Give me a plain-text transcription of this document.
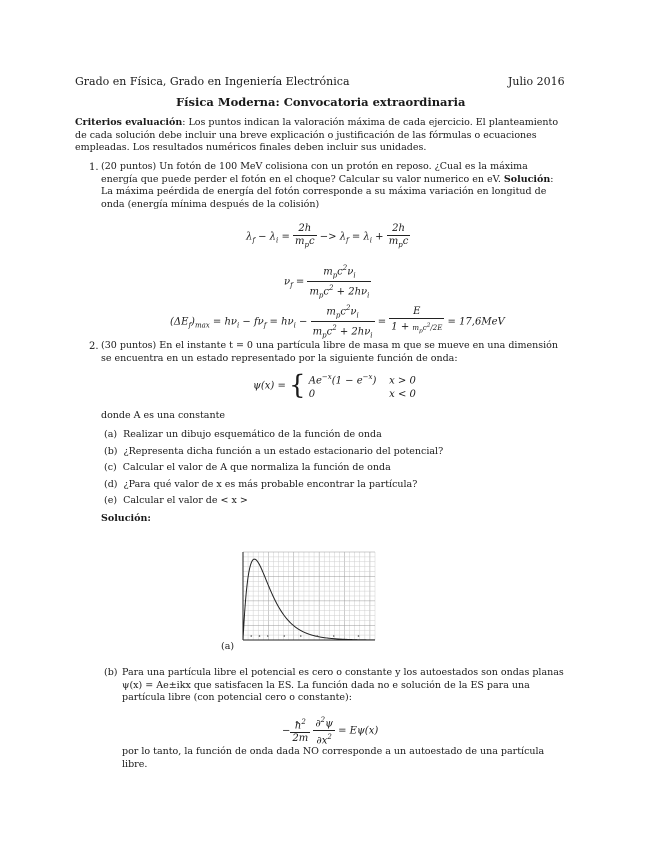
Grado en Física, Grado en Ingeniería Electrónica	Julio 2016
Física Moderna: Convocatoria extraordinaria
Criterios evaluación: Los puntos indican la valoración máxima de cada ejercicio. El planteamiento de cada solución debe incluir una breve explicación o justificación de las fórmulas o ecuaciones empleadas. Los resultados numéricos finales deben incluir sus unidades.
1. (20 puntos) Un fotón de 100 MeV colisiona con un protón en reposo. ¿Cual es la máxima energía que puede perder el fotón en el choque? Calcular su valor numerico en eV. Solución:
La máxima peérdida de energía del fotón corresponde a su máxima variación en longitud de onda (energía mínima después de la colisión)
$\lambda_f - \lambda_i = \frac{2h}{m_pc} -> \lambda_f = \lambda_i + \frac{2h}{m_pc}$
$\nu_f = \frac{m_pc^2\nu_i}{m_pc^2 + 2h\nu_i}$
$(\Delta E_f)_{max} = h\nu_i - f\nu_f = h\nu_i - \frac{m_pc^2\nu_i}{m_pc^2 + 2h\nu_i} = \frac{E}{1 + m_pc^2/2E} = 17,6MeV$
2. (30 puntos) En el instante t = 0 una partícula libre de masa m que se mueve en una dimensión se encuentra en un estado representado por la siguiente función de onda:
ψ(x) = { $Ae^{-x}(1 - e^{-x})$    x > 0
0	x < 0
donde A es una constante
(a) Realizar un dibujo esquemático de la función de onda
(b) ¿Representa dicha función a un estado estacionario del potencial?
(c) Calcular el valor de A que normaliza la función de onda
(d) ¿Para qué valor de x es más probable encontrar la partícula?
(e) Calcular el valor de < x >
Solución:
(a)
(b) Para una partícula libre el potencial es cero o constante y los autoestados son ondas planas ψ(x) = Ae±ikx que satisfacen la ES. La función dada no e solución de la ES para una partícula libre (con potencial cero o constante):
− $\frac{ħ^2}{2m}$
$\frac{\partial^2\psi}{\partial x^2} = E\psi(x)$
por lo tanto, la función de onda dada NO corresponde a un autoestado de una partícula libre.
